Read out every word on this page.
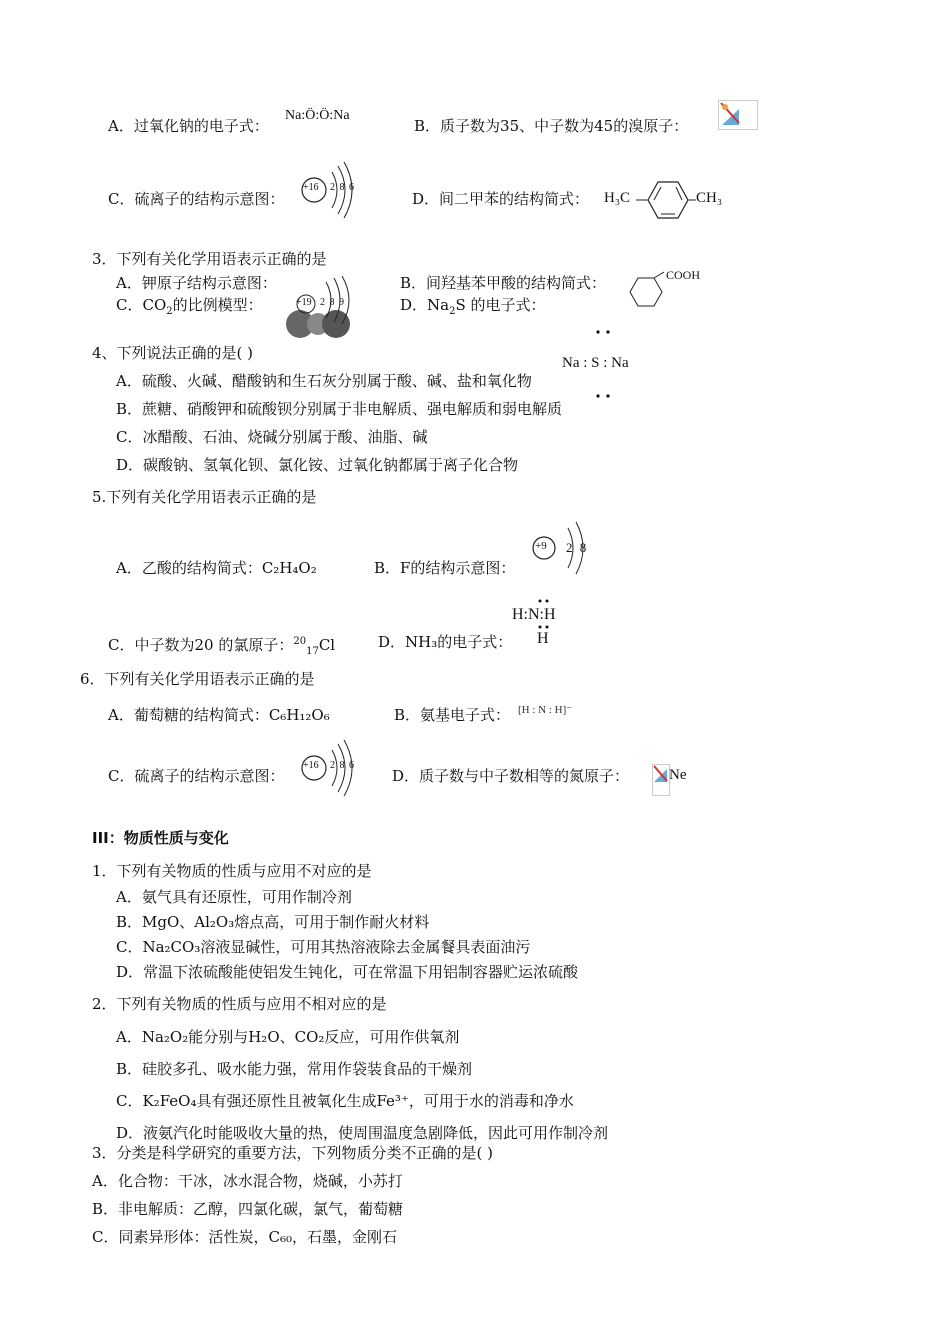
A．过氧化钠的电子式：
Na:Ö:Ö:Na
B．质子数为35、中子数为45的溴原子：
C．硫离子的结构示意图：
+16 2 8 6
D．间二甲苯的结构简式： H₃C	CH₃
3．下列有关化学用语表示正确的是
A．钾原子结构示意图：	B．间羟基苯甲酸的结构简式：	COOH
C．$CO_2$的比例模型：	+19 2 8 9	D．$Na_2S$ 的电子式：
Na : S : Na
4、下列说法正确的是( )
A．硫酸、火碱、醋酸钠和生石灰分别属于酸、碱、盐和氧化物
B．蔗糖、硝酸钾和硫酸钡分别属于非电解质、强电解质和弱电解质
C．冰醋酸、石油、烧碱分别属于酸、油脂、碱
D．碳酸钠、氢氧化钡、氯化铵、过氧化钠都属于离子化合物
5.下列有关化学用语表示正确的是
A．乙酸的结构简式：C₂H₄O₂	B．F的结构示意图：
+9 2 8
C．中子数为20 的氯原子：$^{20}_{17}$Cl	D．NH₃的电子式：
H:N:H
H
6．下列有关化学用语表示正确的是
A．葡萄糖的结构简式：C₆H₁₂O₆	B．氨基电子式： [H : N : H]⁻
C．硫离子的结构示意图：
+16 2 8 6
D．质子数与中子数相等的氮原子：	Ne
III：物质性质与变化
1．下列有关物质的性质与应用不对应的是
A．氨气具有还原性，可用作制冷剂
B．MgO、Al₂O₃熔点高，可用于制作耐火材料
C．Na₂CO₃溶液显碱性，可用其热溶液除去金属餐具表面油污
D．常温下浓硫酸能使铝发生钝化，可在常温下用铝制容器贮运浓硫酸
2．下列有关物质的性质与应用不相对应的是
A．Na₂O₂能分别与H₂O、CO₂反应，可用作供氧剂
B．硅胶多孔、吸水能力强，常用作袋装食品的干燥剂
C．K₂FeO₄具有强还原性且被氧化生成Fe³⁺，可用于水的消毒和净水
D．液氨汽化时能吸收大量的热，使周围温度急剧降低，因此可用作制冷剂
3．分类是科学研究的重要方法，下列物质分类不正确的是( )
A．化合物：干冰，冰水混合物，烧碱，小苏打
B．非电解质：乙醇，四氯化碳，氯气，葡萄糖
C．同素异形体：活性炭，C₆₀，石墨，金刚石
